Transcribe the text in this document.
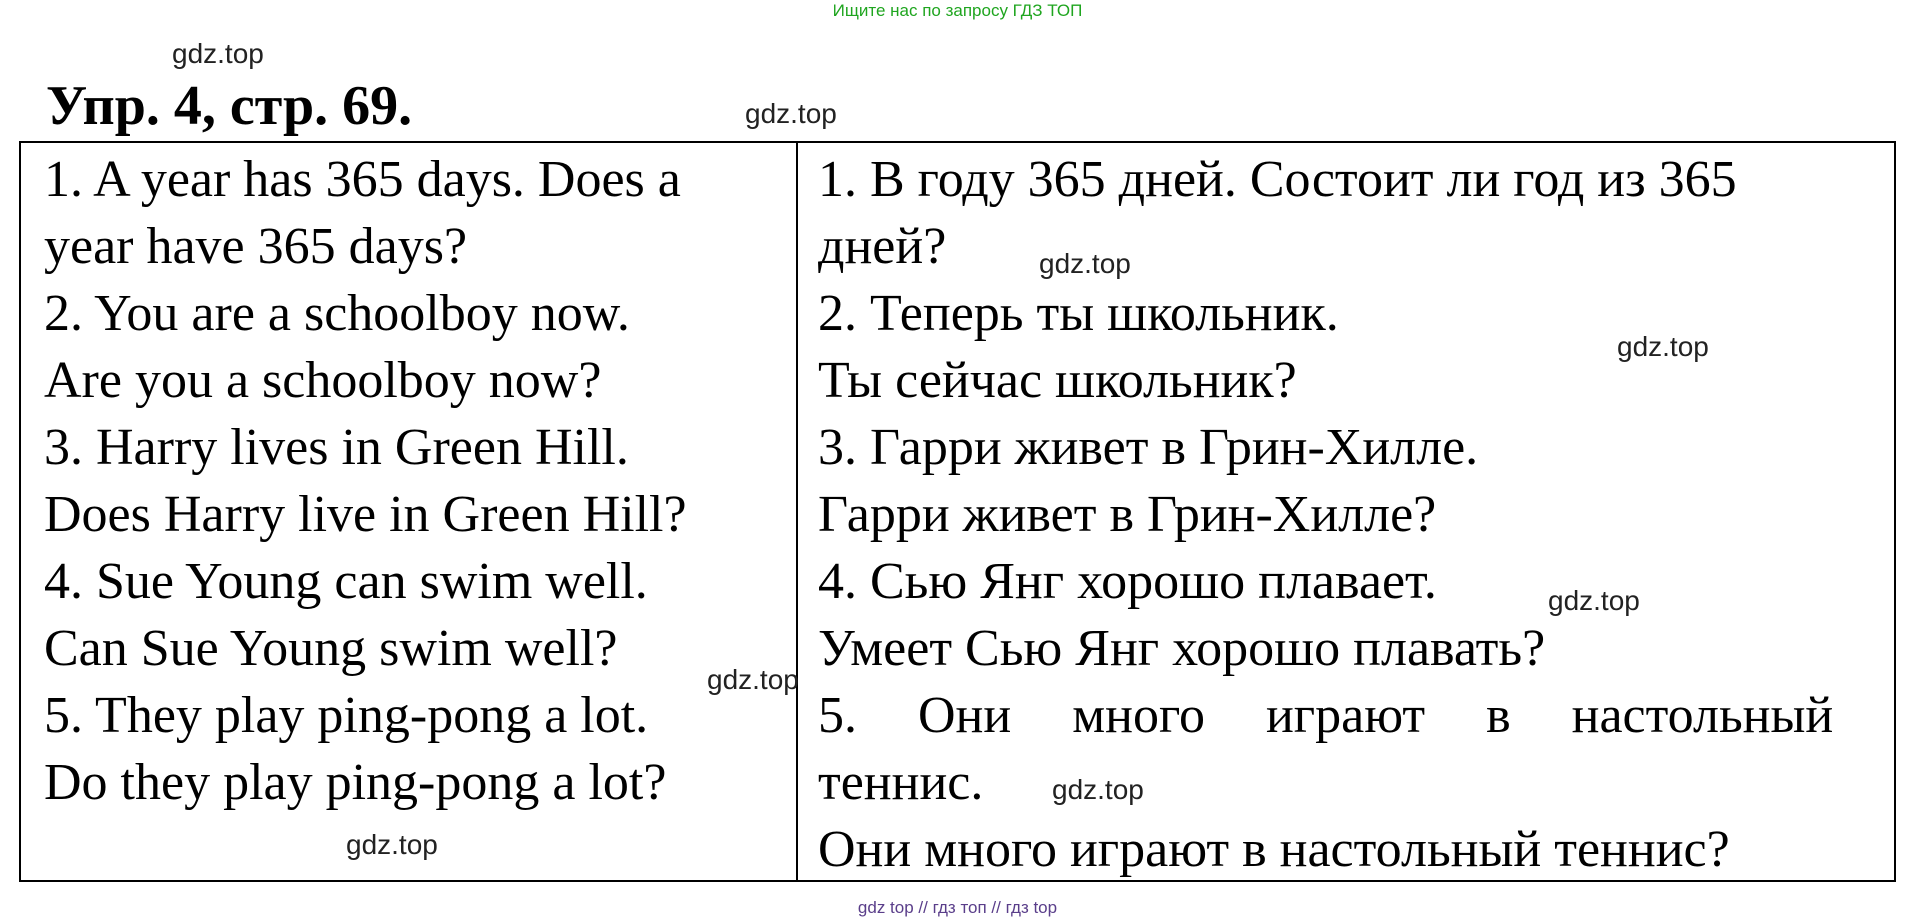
Ищите нас по запросу ГДЗ ТОП
gdz.top
gdz.top
Упр. 4, стр. 69.
1. A year has 365 days. Does a
year have 365 days?
2. You are a schoolboy now.
Are you a schoolboy now?
3. Harry lives in Green Hill.
Does Harry live in Green Hill?
4. Sue Young can swim well.
Can Sue Young swim well?
5. They play ping-pong a lot.
Do they play ping-pong a lot?
1. В году 365 дней. Состоит ли год из 365
дней?
2. Теперь ты школьник.
Ты сейчас школьник?
3. Гарри живет в Грин-Хилле.
Гарри живет в Грин-Хилле?
4. Сью Янг хорошо плавает.
Умеет Сью Янг хорошо плавать?
5. Они много играют в настольный
теннис.
Они много играют в настольный теннис?
gdz.top
gdz.top
gdz.top
gdz.top
gdz.top
gdz.top
gdz top // гдз топ // гдз top
